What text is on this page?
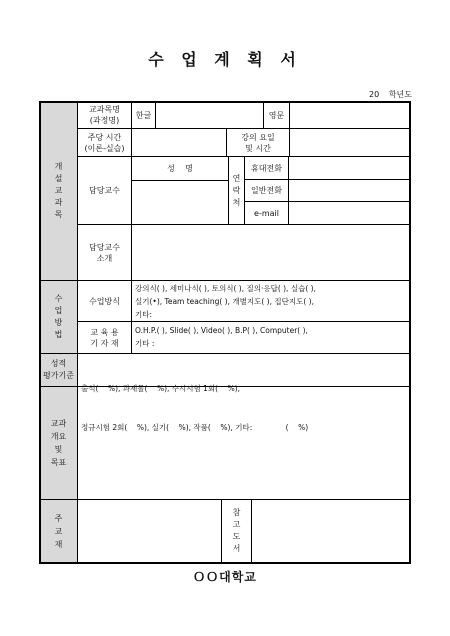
수 업 계 획 서
20 학년도
개
설
교
과
목
교과목명
(과정명)
한글	영문
주당 시간
(이론-실습)
강의 요일
및 시간
담당교수
성    명
연
락
처
휴대전화
일반전화
e-mail
담당교수
소개
수
업
방
법
수업방식
강의식( ), 세미나식( ), 토의식( ), 질의·응답( ), 실습( ),
실기(•), Team teaching( ), 개별지도( ), 집단지도( ),
기타:
교 육 용
기 자 재
O.H.P.( ), Slide( ), Video( ), B.P( ), Computer( ),
기타 :
성적
평가기준

출석(    %), 과제물(    %), 수시시험 1회(    %),

정규시험 2회(    %), 실기(    %), 작품(    %), 기타:              (    %)

교과
개요
및
목표
주
교
재
참
고
도
서
ＯＯ대학교
